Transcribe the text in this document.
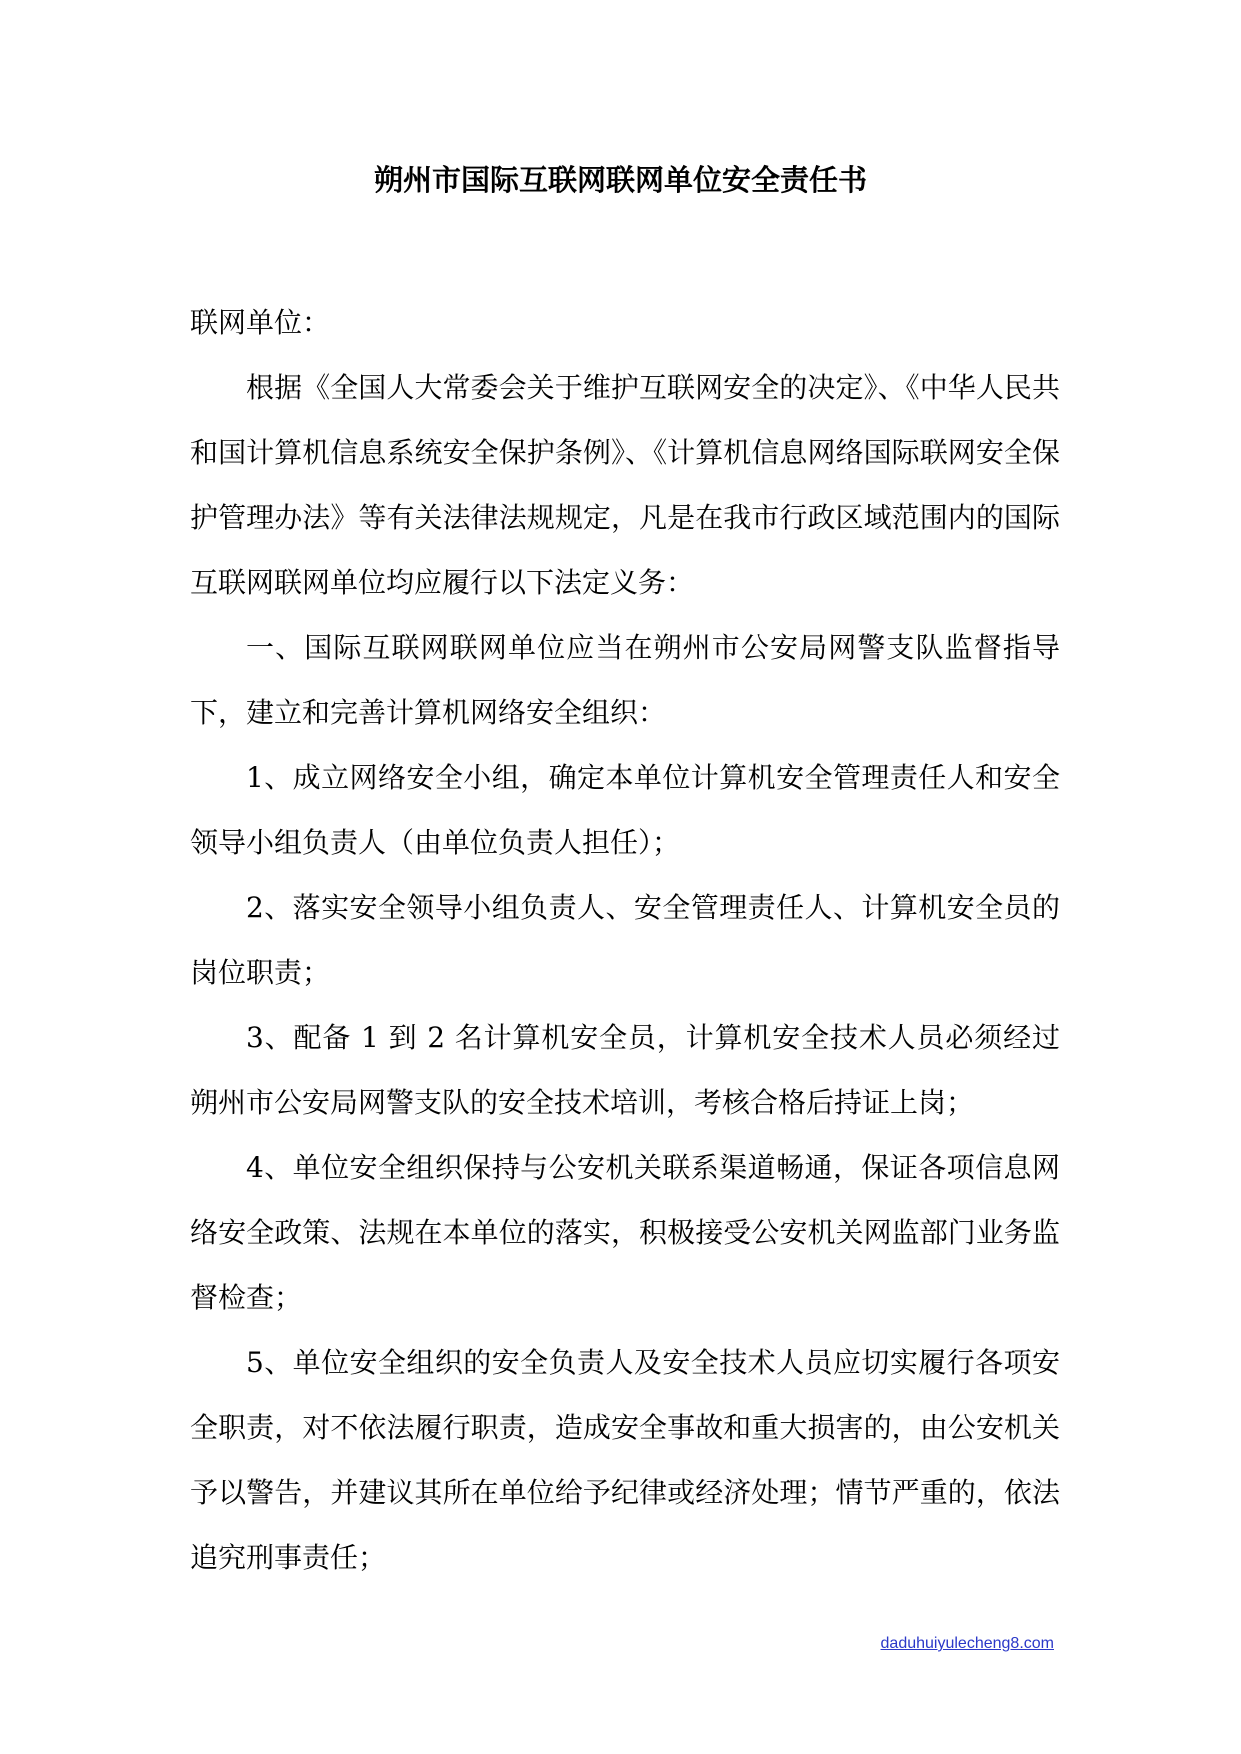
朔州市国际互联网联网单位安全责任书

联网单位：

根据《全国人大常委会关于维护互联网安全的决定》、《中华人民共和国计算机信息系统安全保护条例》、《计算机信息网络国际联网安全保护管理办法》等有关法律法规规定，凡是在我市行政区域范围内的国际互联网联网单位均应履行以下法定义务：

一、国际互联网联网单位应当在朔州市公安局网警支队监督指导下，建立和完善计算机网络安全组织：

1、成立网络安全小组，确定本单位计算机安全管理责任人和安全领导小组负责人（由单位负责人担任）；

2、落实安全领导小组负责人、安全管理责任人、计算机安全员的岗位职责；

3、配备 1 到 2 名计算机安全员，计算机安全技术人员必须经过朔州市公安局网警支队的安全技术培训，考核合格后持证上岗；

4、单位安全组织保持与公安机关联系渠道畅通，保证各项信息网络安全政策、法规在本单位的落实，积极接受公安机关网监部门业务监督检查；

5、单位安全组织的安全负责人及安全技术人员应切实履行各项安全职责，对不依法履行职责，造成安全事故和重大损害的，由公安机关予以警告，并建议其所在单位给予纪律或经济处理；情节严重的，依法追究刑事责任；

daduhuiyulecheng8.com
